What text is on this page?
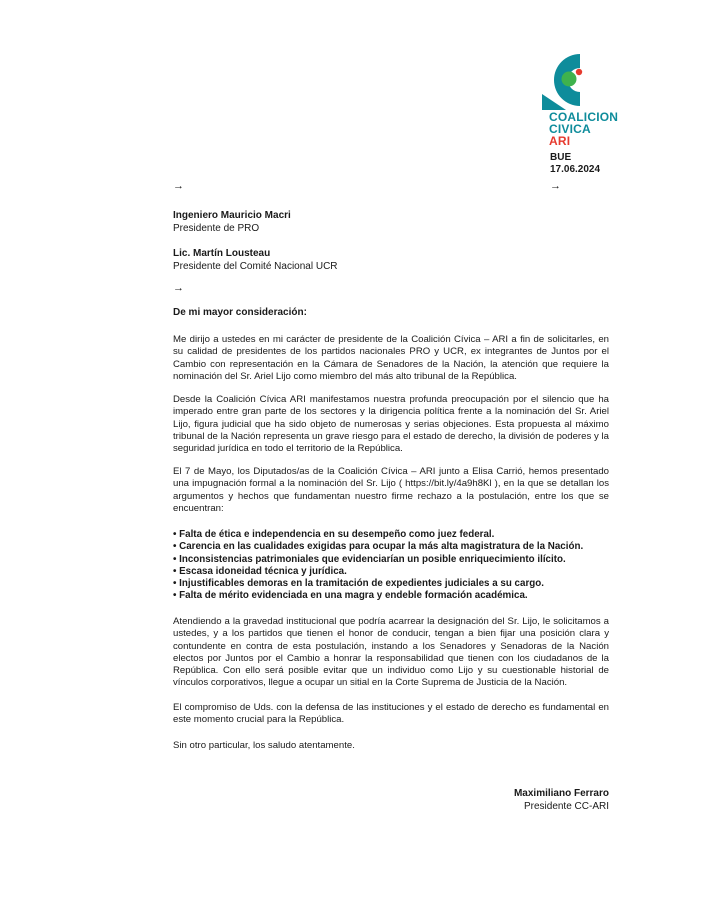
COALICION
CIVICA
ARI
BUE
17.06.2024
→	→
Ingeniero Mauricio Macri
Presidente de PRO
Lic. Martín Lousteau
Presidente del Comité Nacional UCR
→
De mi mayor consideración:

Me dirijo a ustedes en mi carácter de presidente de la Coalición Cívica – ARI a fin de solicitarles, en su calidad de presidentes de los partidos nacionales PRO y UCR, ex integrantes de Juntos por el Cambio con representación en la Cámara de Senadores de la Nación, la atención que requiere la nominación del Sr. Ariel Lijo como miembro del más alto tribunal de la República.

Desde la Coalición Cívica ARI manifestamos nuestra profunda preocupación por el silencio que ha imperado entre gran parte de los sectores y la dirigencia política frente a la nominación del Sr. Ariel Lijo, figura judicial que ha sido objeto de numerosas y serias objeciones. Esta propuesta al máximo tribunal de la Nación representa un grave riesgo para el estado de derecho, la división de poderes y la seguridad jurídica en todo el territorio de la República.

El 7 de Mayo, los Diputados/as de la Coalición Cívica – ARI junto a Elisa Carrió, hemos presentado una impugnación formal a la nominación del Sr. Lijo ( https://bit.ly/4a9h8Kl ), en la que se detallan los argumentos y hechos que fundamentan nuestro firme rechazo a la postulación, entre los que se encuentran:

• Falta de ética e independencia en su desempeño como juez federal.
• Carencia en las cualidades exigidas para ocupar la más alta magistratura de la Nación.
• Inconsistencias patrimoniales que evidenciarían un posible enriquecimiento ilícito.
• Escasa idoneidad técnica y jurídica.
• Injustificables demoras en la tramitación de expedientes judiciales a su cargo.
• Falta de mérito evidenciada en una magra y endeble formación académica.

Atendiendo a la gravedad institucional que podría acarrear la designación del Sr. Lijo, le solicitamos a ustedes, y a los partidos que tienen el honor de conducir, tengan a bien fijar una posición clara y contundente en contra de esta postulación, instando a los Senadores y Senadoras de la Nación electos por Juntos por el Cambio a honrar la responsabilidad que tienen con los ciudadanos de la República. Con ello será posible evitar que un individuo como Lijo y su cuestionable historial de vínculos corporativos, llegue a ocupar un sitial en la Corte Suprema de Justicia de la Nación.

El compromiso de Uds. con la defensa de las instituciones y el estado de derecho es fundamental en este momento crucial para la República.

Sin otro particular, los saludo atentamente.

Maximiliano Ferraro
Presidente CC-ARI
